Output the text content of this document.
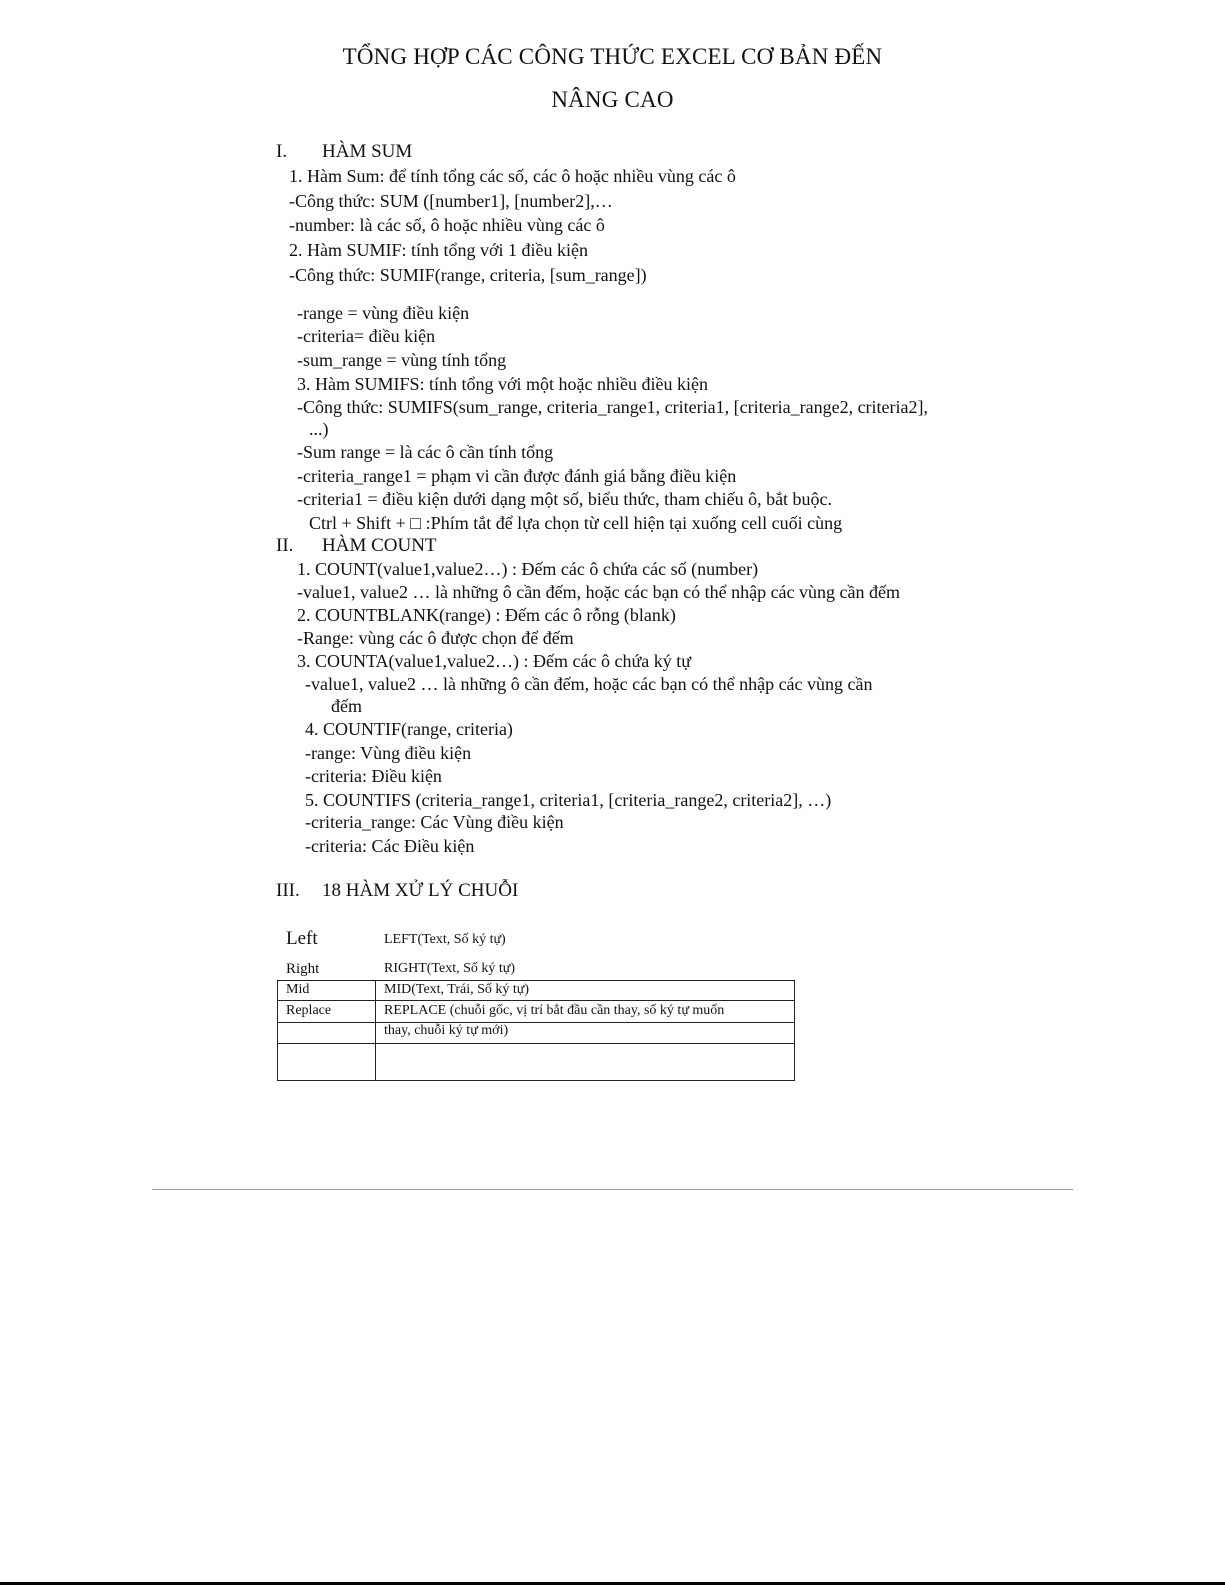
TỔNG HỢP CÁC CÔNG THỨC EXCEL CƠ BẢN ĐẾN
NÂNG CAO
I. HÀM SUM
1. Hàm Sum: để tính tổng các số, các ô hoặc nhiều vùng các ô
-Công thức: SUM ([number1], [number2],…
-number: là các số, ô hoặc nhiều vùng các ô
2. Hàm SUMIF: tính tổng với 1 điều kiện
-Công thức: SUMIF(range, criteria, [sum_range])
-range = vùng điều kiện
-criteria= điều kiện
-sum_range = vùng tính tổng
3. Hàm SUMIFS: tính tổng với một hoặc nhiều điều kiện
-Công thức: SUMIFS(sum_range, criteria_range1, criteria1, [criteria_range2, criteria2],
...)
-Sum range = là các ô cần tính tổng
-criteria_range1 = phạm vi cần được đánh giá bằng điều kiện
-criteria1 = điều kiện dưới dạng một số, biểu thức, tham chiếu ô, bắt buộc.
Ctrl + Shift + □ :Phím tắt để lựa chọn từ cell hiện tại xuống cell cuối cùng
II. HÀM COUNT
1. COUNT(value1,value2…) : Đếm các ô chứa các số (number)
-value1, value2 … là những ô cần đếm, hoặc các bạn có thể nhập các vùng cần đếm
2. COUNTBLANK(range) : Đếm các ô rỗng (blank)
-Range: vùng các ô được chọn để đếm
3. COUNTA(value1,value2…) : Đếm các ô chứa ký tự
-value1, value2 … là những ô cần đếm, hoặc các bạn có thể nhập các vùng cần
đếm
4. COUNTIF(range, criteria)
-range: Vùng điều kiện
-criteria: Điều kiện
5. COUNTIFS (criteria_range1, criteria1, [criteria_range2, criteria2], …)
-criteria_range: Các Vùng điều kiện
-criteria: Các Điều kiện
III. 18 HÀM XỬ LÝ CHUỖI
Left	LEFT(Text, Số ký tự)
Right	RIGHT(Text, Số ký tự)
Mid	MID(Text, Trái, Số ký tự)
Replace	REPLACE (chuỗi gốc, vị trí bắt đầu cần thay, số ký tự muốn
thay, chuỗi ký tự mới)
